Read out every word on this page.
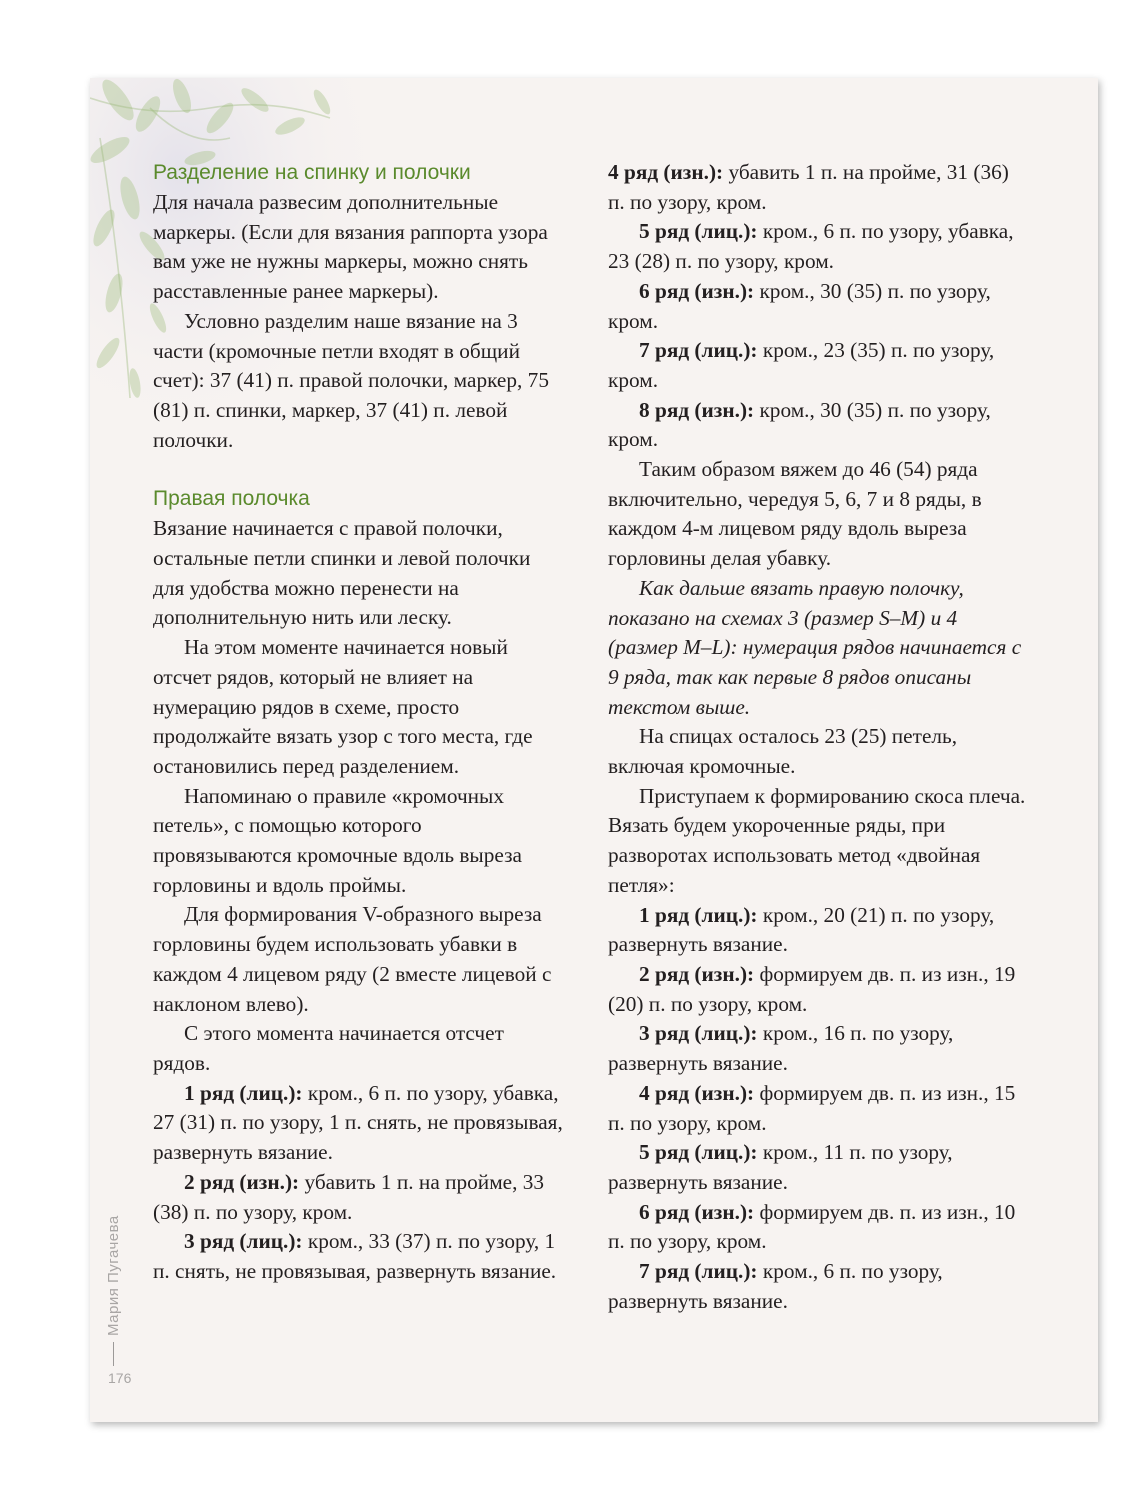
Разделение на спинку и полочки

Для начала развесим дополнительные маркеры. (Если для вязания раппорта узора вам уже не нужны маркеры, можно снять расставленные ранее маркеры).

Условно разделим наше вязание на 3 части (кромочные петли входят в общий счет): 37 (41) п. правой полочки, маркер, 75 (81) п. спинки, маркер, 37 (41) п. левой полочки.

Правая полочка

Вязание начинается с правой полочки, остальные петли спинки и левой полочки для удобства можно перенести на дополнительную нить или леску.

На этом моменте начинается новый отсчет рядов, который не влияет на нумерацию рядов в схеме, просто продолжайте вязать узор с того места, где остановились перед разделением.

Напоминаю о правиле «кромочных петель», с помощью которого провязываются кромочные вдоль выреза горловины и вдоль проймы.

Для формирования V-образного выреза горловины будем использовать убавки в каждом 4 лицевом ряду (2 вместе лицевой с наклоном влево).

С этого момента начинается отсчет рядов.

1 ряд (лиц.): кром., 6 п. по узору, убавка, 27 (31) п. по узору, 1 п. снять, не провязывая, развернуть вязание.

2 ряд (изн.): убавить 1 п. на пройме, 33 (38) п. по узору, кром.

3 ряд (лиц.): кром., 33 (37) п. по узору, 1 п. снять, не провязывая, развернуть вязание.

4 ряд (изн.): убавить 1 п. на пройме, 31 (36) п. по узору, кром.

5 ряд (лиц.): кром., 6 п. по узору, убавка, 23 (28) п. по узору, кром.

6 ряд (изн.): кром., 30 (35) п. по узору, кром.

7 ряд (лиц.): кром., 23 (35) п. по узору, кром.

8 ряд (изн.): кром., 30 (35) п. по узору, кром.

Таким образом вяжем до 46 (54) ряда включительно, чередуя 5, 6, 7 и 8 ряды, в каждом 4-м лицевом ряду вдоль выреза горловины делая убавку.

Как дальше вязать правую полочку, показано на схемах 3 (размер S–M) и 4 (размер M–L): нумерация рядов начинается с 9 ряда, так как первые 8 рядов описаны текстом выше.

На спицах осталось 23 (25) петель, включая кромочные.

Приступаем к формированию скоса плеча. Вязать будем укороченные ряды, при разворотах использовать метод «двойная петля»:

1 ряд (лиц.): кром., 20 (21) п. по узору, развернуть вязание.

2 ряд (изн.): формируем дв. п. из изн., 19 (20) п. по узору, кром.

3 ряд (лиц.): кром., 16 п. по узору, развернуть вязание.

4 ряд (изн.): формируем дв. п. из изн., 15 п. по узору, кром.

5 ряд (лиц.): кром., 11 п. по узору, развернуть вязание.

6 ряд (изн.): формируем дв. п. из изн., 10 п. по узору, кром.

7 ряд (лиц.): кром., 6 п. по узору, развернуть вязание.

Мария Пугачева
176
